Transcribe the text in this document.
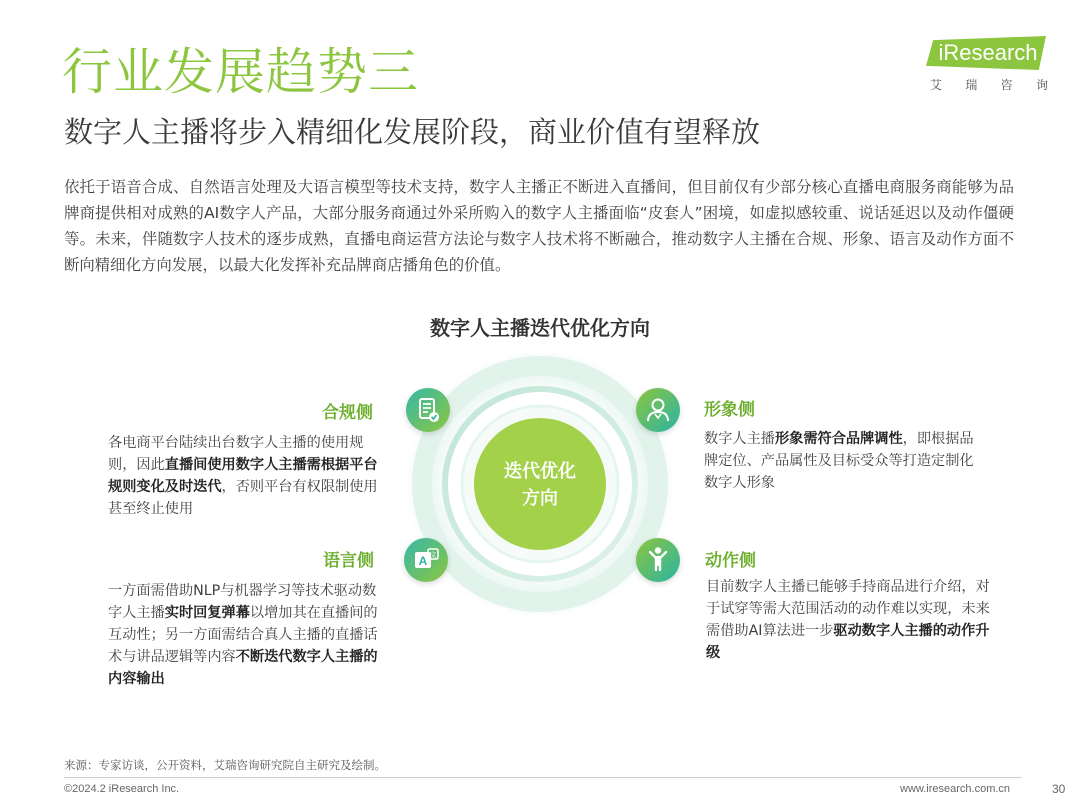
行业发展趋势三
数字人主播将步入精细化发展阶段，商业价值有望释放
iResearch
艾 瑞 咨 询
依托于语音合成、自然语言处理及大语言模型等技术支持，数字人主播正不断进入直播间，但目前仅有少部分核心直播电商服务商能够为品牌商提供相对成熟的AI数字人产品，大部分服务商通过外采所购入的数字人主播面临“皮套人”困境，如虚拟感较重、说话延迟以及动作僵硬等。未来，伴随数字人技术的逐步成熟，直播电商运营方法论与数字人技术将不断融合，推动数字人主播在合规、形象、语言及动作方面不断向精细化方向发展，以最大化发挥补充品牌商店播角色的价值。
数字人主播迭代优化方向
迭代优化
方向
A 文
合规侧	形象侧
语言侧	动作侧
各电商平台陆续出台数字人主播的使用规则，因此直播间使用数字人主播需根据平台规则变化及时迭代，否则平台有权限制使用甚至终止使用
数字人主播形象需符合品牌调性，即根据品牌定位、产品属性及目标受众等打造定制化数字人形象
一方面需借助NLP与机器学习等技术驱动数字人主播实时回复弹幕以增加其在直播间的互动性；另一方面需结合真人主播的直播话术与讲品逻辑等内容不断迭代数字人主播的内容输出
目前数字人主播已能够手持商品进行介绍，对于试穿等需大范围活动的动作难以实现，未来需借助AI算法进一步驱动数字人主播的动作升级
来源：专家访谈，公开资料，艾瑞咨询研究院自主研究及绘制。
©2024.2 iResearch Inc.	www.iresearch.com.cn	30
